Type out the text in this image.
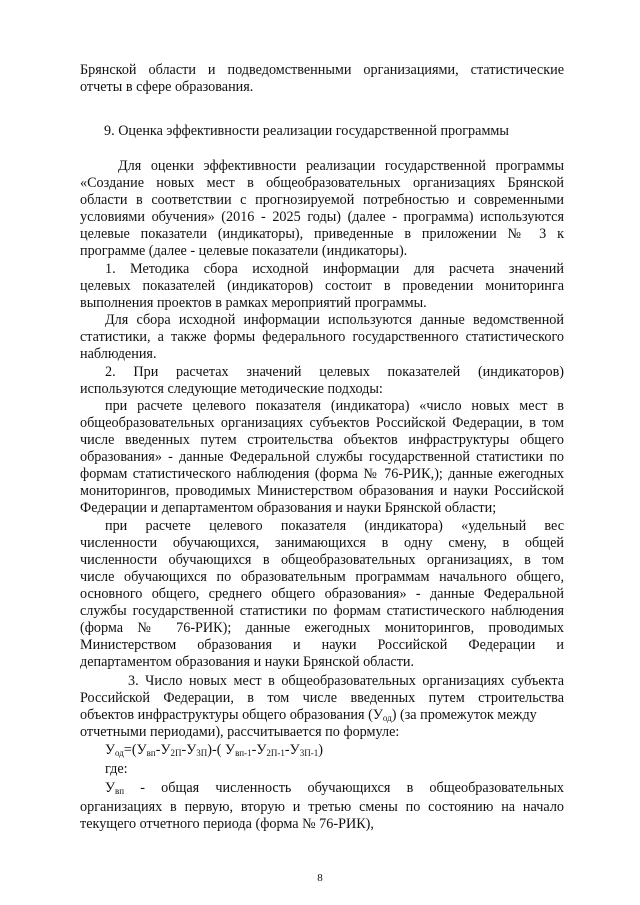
Брянской области и подведомственными организациями, статистические
отчеты в сфере образования.
9. Оценка эффективности реализации государственной программы
Для оценки эффективности реализации государственной программы
«Создание новых мест в общеобразовательных организациях Брянской
области в соответствии с прогнозируемой потребностью и современными
условиями обучения» (2016 - 2025 годы) (далее - программа) используются
целевые показатели (индикаторы), приведенные в приложении № 3 к
программе (далее - целевые показатели (индикаторы).
1. Методика сбора исходной информации для расчета значений
целевых показателей (индикаторов) состоит в проведении мониторинга
выполнения проектов в рамках мероприятий программы.
Для сбора исходной информации используются данные ведомственной
статистики, а также формы федерального государственного статистического
наблюдения.
2. При расчетах значений целевых показателей (индикаторов)
используются следующие методические подходы:
при расчете целевого показателя (индикатора) «число новых мест в
общеобразовательных организациях субъектов Российской Федерации, в том
числе введенных путем строительства объектов инфраструктуры общего
образования» - данные Федеральной службы государственной статистики по
формам статистического наблюдения (форма № 76-РИК,); данные ежегодных
мониторингов, проводимых Министерством образования и науки Российской
Федерации и департаментом образования и науки Брянской области;
при расчете целевого показателя (индикатора) «удельный вес
численности обучающихся, занимающихся в одну смену, в общей
численности обучающихся в общеобразовательных организациях, в том
числе обучающихся по образовательным программам начального общего,
основного общего, среднего общего образования» - данные Федеральной
службы государственной статистики по формам статистического наблюдения
(форма № 76-РИК); данные ежегодных мониторингов, проводимых
Министерством образования и науки Российской Федерации и
департаментом образования и науки Брянской области.
3. Число новых мест в общеобразовательных организациях субъекта
Российской Федерации, в том числе введенных путем строительства
объектов инфраструктуры общего образования $(У_{од})$ (за промежуток между
отчетными периодами), рассчитывается по формуле:
$У_{од}=(У_{вп}-У_{2П}-У_{3П})-$( $У_{вп-1}-У_{2П-1}-У_{3П-1}$)
где:
$У_{вп}$ - общая численность обучающихся в общеобразовательных
организациях в первую, вторую и третью смены по состоянию на начало
текущего отчетного периода (форма № 76-РИК),
8
